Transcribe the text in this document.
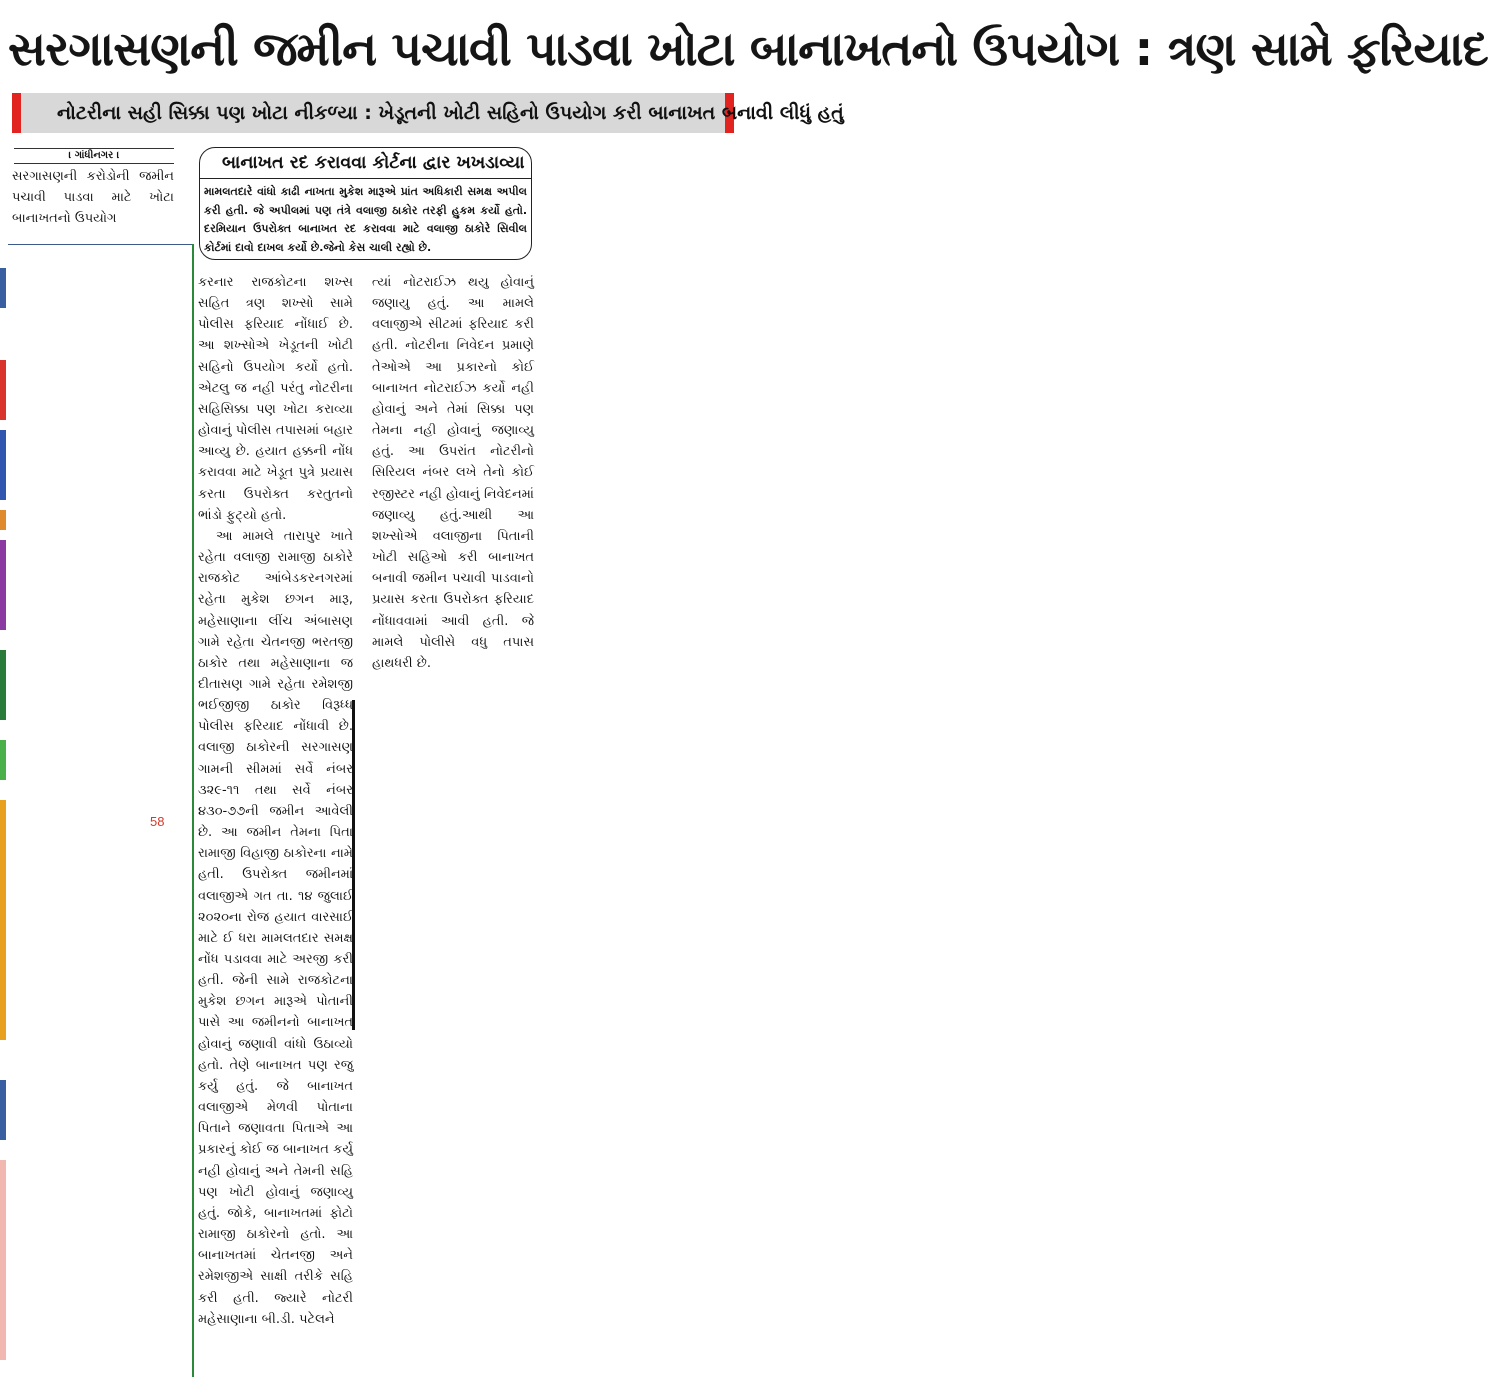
સરગાસણની જમીન પચાવી પાડવા ખોટા બાનાખતનો ઉપયોગ : ત્રણ સામે ફરિયાદ
નોટરીના સહી સિક્કા પણ ખોટા નીકળ્યા : ખેડૂતની ખોટી સહિનો ઉપયોગ કરી બાનાખત બનાવી લીધું હતું
। ગાંધીનગર ।
સરગાસણની કરોડોની જમીન પચાવી પાડવા માટે ખોટા બાનાખતનો ઉપયોગ
બાનાખત રદ કરાવવા કોર્ટના દ્વાર ખખડાવ્યા
મામલતદારે વાંધો કાઢી નાખતા મુકેશ મારૂએ પ્રાંત અધિકારી સમક્ષ અપીલ કરી હતી. જે અપીલમાં પણ તંત્રે વલાજી ઠાકોર તરફી હુકમ કર્યો હતો. દરમિયાન ઉપરોક્ત બાનાખત રદ કરાવવા માટે વલાજી ઠાકોરે સિવીલ કોર્ટમાં દાવો દાખલ કર્યો છે.જેનો કેસ ચાલી રહ્યો છે.

કરનાર રાજકોટના શખ્સ સહિત ત્રણ શખ્સો સામે પોલીસ ફરિયાદ નોંધાઈ છે. આ શખ્સોએ ખેડૂતની ખોટી સહિનો ઉપયોગ કર્યો હતો. એટલુ જ નહી પરંતુ નોટરીના સહિસિક્કા પણ ખોટા કરાવ્યા હોવાનું પોલીસ તપાસમાં બહાર આવ્યુ છે. હયાત હક્કની નોંધ કરાવવા માટે ખેડૂત પુત્રે પ્રયાસ કરતા ઉપરોક્ત કરતુતનો ભાંડો ફુટ્યો હતો.

આ મામલે તારાપુર ખાતે રહેતા વલાજી રામાજી ઠાકોરે રાજકોટ આંબેડકરનગરમાં રહેતા મુકેશ છગન મારૂ, મહેસાણાના લીંચ અંબાસણ ગામે રહેતા ચેતનજી ભરતજી ઠાકોર તથા મહેસાણાના જ દીતાસણ ગામે રહેતા રમેશજી ભઈજીજી ઠાકોર વિરૂધ્ધ પોલીસ ફરિયાદ નોંધાવી છે. વલાજી ઠાકોરની સરગાસણ ગામની સીમમાં સર્વે નંબર ૩૨૯-૧૧ તથા સર્વે નંબર ૪૩૦-૭૭ની જમીન આવેલી છે. આ જમીન તેમના પિતા રામાજી વિહાજી ઠાકોરના નામે હતી. ઉપરોક્ત જમીનમાં વલાજીએ ગત તા. ૧૪ જુલાઈ ૨૦૨૦ના રોજ હયાત વારસાઈ માટે ઈ ધરા મામલતદાર સમક્ષ નોંધ પડાવવા માટે અરજી કરી હતી. જેની સામે રાજકોટના મુકેશ છગન મારૂએ પોતાની પાસે આ જમીનનો બાનાખત હોવાનું જણાવી વાંધો ઉઠાવ્યો હતો. તેણે બાનાખત પણ રજુ કર્યુ હતું. જે બાનાખત વલાજીએ મેળવી પોતાના પિતાને જણાવતા પિતાએ આ પ્રકારનું કોઈ જ બાનાખત કર્યુ નહી હોવાનું અને તેમની સહિ પણ ખોટી હોવાનું જણાવ્યુ હતું. જોકે, બાનાખતમાં ફોટો રામાજી ઠાકોરનો હતો. આ બાનાખતમાં ચેતનજી અને રમેશજીએ સાક્ષી તરીકે સહિ કરી હતી. જ્યારે નોટરી મહેસાણાના બી.ડી. પટેલને

ત્યાં નોટરાઈઝ થયુ હોવાનું જણાયુ હતું. આ મામલે વલાજીએ સીટમાં ફરિયાદ કરી હતી. નોટરીના નિવેદન પ્રમાણે તેઓએ આ પ્રકારનો કોઈ બાનાખત નોટરાઈઝ કર્યો નહી હોવાનું અને તેમાં સિક્કા પણ તેમના નહી હોવાનું જણાવ્યુ હતું. આ ઉપરાંત નોટરીનો સિરિયલ નંબર લખે તેનો કોઈ રજીસ્ટર નહી હોવાનું નિવેદનમાં જણાવ્યુ હતું.આથી આ શખ્સોએ વલાજીના પિતાની ખોટી સહિઓ કરી બાનાખત બનાવી જમીન પચાવી પાડવાનો પ્રયાસ કરતા ઉપરોક્ત ફરિયાદ નોંધાવવામાં આવી હતી. જે મામલે પોલીસે વધુ તપાસ હાથધરી છે.

58
